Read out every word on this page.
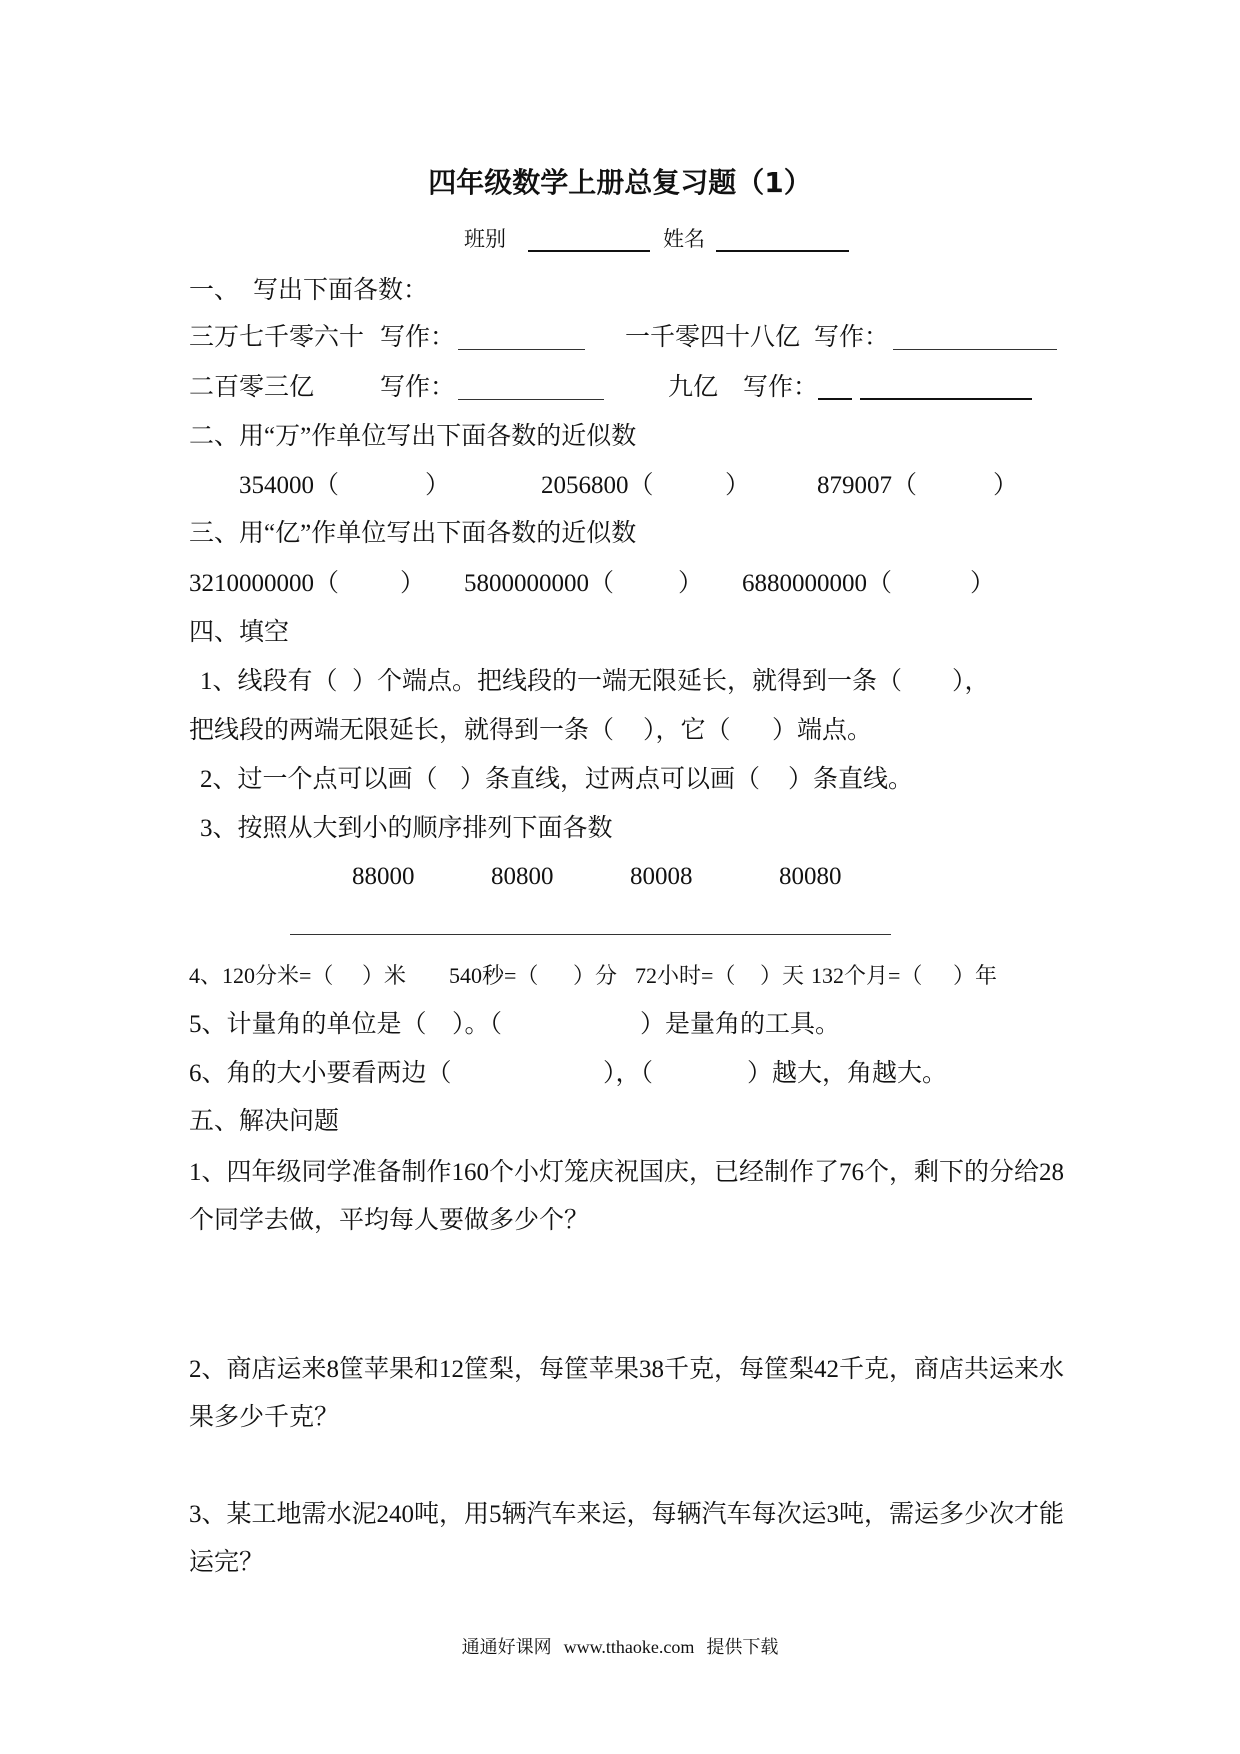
四年级数学上册总复习题（1）
班别	姓名
一、 写出下面各数：
三万七千零六十 写作：	一千零四十八亿 写作：
二百零三亿	写作：	九亿 写作：
二、用“万”作单位写出下面各数的近似数
354000（	）	2056800（	）	879007（	）
三、用“亿”作单位写出下面各数的近似数
3210000000（ ） 5800000000（	） 6880000000（	）
四、填空
1、线段有（ ）个端点。把线段的一端无限延长，就得到一条（ ），
把线段的两端无限延长，就得到一条（ ），它（ ）端点。
2、过一个点可以画（ ）条直线，过两点可以画（ ）条直线。
3、按照从大到小的顺序排列下面各数
88000	80800	80008	80080
4、120分米=（ ）米 540秒=（ ）分 72小时=（ ）天 132个月=（ ）年
5、计量角的单位是（ ）。（	）是量角的工具。
6、角的大小要看两边（	），（	）越大，角越大。
五、解决问题
1、四年级同学准备制作160个小灯笼庆祝国庆，已经制作了76个，剩下的分给28
个同学去做，平均每人要做多少个？
2、商店运来8筐苹果和12筐梨，每筐苹果38千克，每筐梨42千克，商店共运来水
果多少千克？
3、某工地需水泥240吨，用5辆汽车来运，每辆汽车每次运3吨，需运多少次才能
运完？
通通好课网 www.tthaoke.com 提供下载
